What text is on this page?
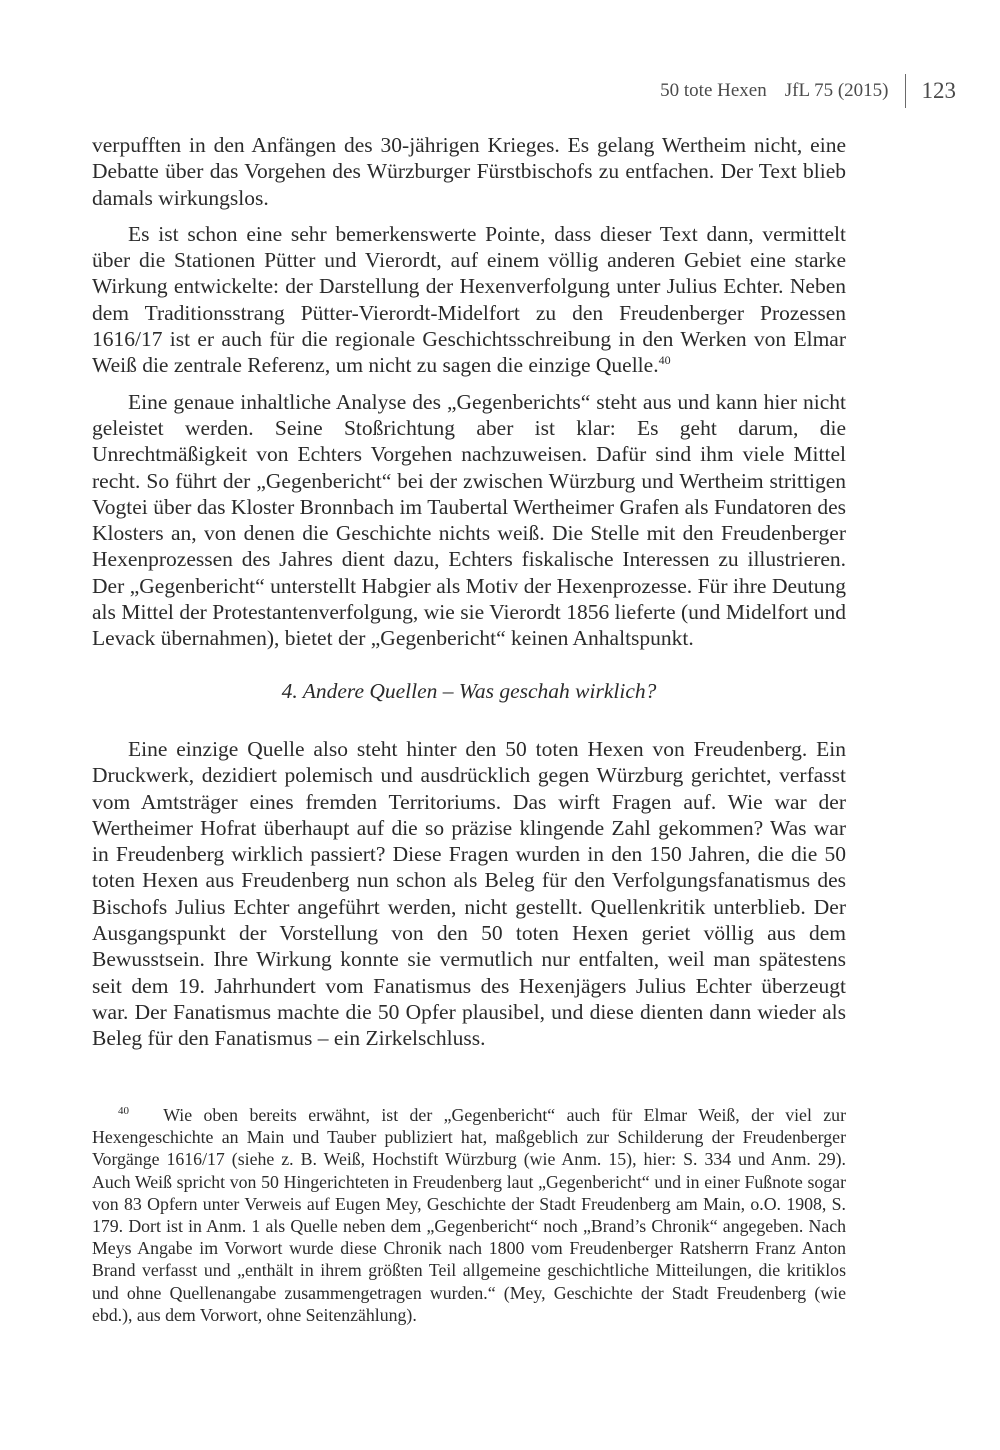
50 tote Hexen JfL 75 (2015) 123

verpufften in den Anfängen des 30-jährigen Krieges. Es gelang Wertheim nicht, eine Debatte über das Vorgehen des Würzburger Fürstbischofs zu entfachen. Der Text blieb damals wirkungslos.

Es ist schon eine sehr bemerkenswerte Pointe, dass dieser Text dann, vermittelt über die Stationen Pütter und Vierordt, auf einem völlig anderen Gebiet eine starke Wirkung entwickelte: der Darstellung der Hexenverfolgung unter Julius Echter. Neben dem Traditionsstrang Pütter-Vierordt-Midelfort zu den Freudenberger Prozessen 1616/17 ist er auch für die regionale Geschichtsschreibung in den Werken von Elmar Weiß die zentrale Referenz, um nicht zu sagen die einzige Quelle.$^{40}$

Eine genaue inhaltliche Analyse des „Gegenberichts“ steht aus und kann hier nicht geleistet werden. Seine Stoßrichtung aber ist klar: Es geht darum, die Unrechtmäßigkeit von Echters Vorgehen nachzuweisen. Dafür sind ihm viele Mittel recht. So führt der „Gegenbericht“ bei der zwischen Würzburg und Wertheim strittigen Vogtei über das Kloster Bronnbach im Taubertal Wertheimer Grafen als Fundatoren des Klosters an, von denen die Geschichte nichts weiß. Die Stelle mit den Freudenberger Hexenprozessen des Jahres dient dazu, Echters fiskalische Interessen zu illustrieren. Der „Gegenbericht“ unterstellt Habgier als Motiv der Hexenprozesse. Für ihre Deutung als Mittel der Protestantenverfolgung, wie sie Vierordt 1856 lieferte (und Midelfort und Levack übernahmen), bietet der „Gegenbericht“ keinen Anhaltspunkt.

4. Andere Quellen – Was geschah wirklich?

Eine einzige Quelle also steht hinter den 50 toten Hexen von Freudenberg. Ein Druckwerk, dezidiert polemisch und ausdrücklich gegen Würzburg gerichtet, verfasst vom Amtsträger eines fremden Territoriums. Das wirft Fragen auf. Wie war der Wertheimer Hofrat überhaupt auf die so präzise klingende Zahl gekommen? Was war in Freudenberg wirklich passiert? Diese Fragen wurden in den 150 Jahren, die die 50 toten Hexen aus Freudenberg nun schon als Beleg für den Verfolgungsfanatismus des Bischofs Julius Echter angeführt werden, nicht gestellt. Quellenkritik unterblieb. Der Ausgangspunkt der Vorstellung von den 50 toten Hexen geriet völlig aus dem Bewusstsein. Ihre Wirkung konnte sie vermutlich nur entfalten, weil man spätestens seit dem 19. Jahrhundert vom Fanatismus des Hexenjägers Julius Echter überzeugt war. Der Fanatismus machte die 50 Opfer plausibel, und diese dienten dann wieder als Beleg für den Fanatismus – ein Zirkelschluss.

$^{40}$ Wie oben bereits erwähnt, ist der „Gegenbericht“ auch für Elmar Weiß, der viel zur Hexengeschichte an Main und Tauber publiziert hat, maßgeblich zur Schilderung der Freudenberger Vorgänge 1616/17 (siehe z. B. Weiß, Hochstift Würzburg (wie Anm. 15), hier: S. 334 und Anm. 29). Auch Weiß spricht von 50 Hingerichteten in Freudenberg laut „Gegenbericht“ und in einer Fußnote sogar von 83 Opfern unter Verweis auf Eugen Mey, Geschichte der Stadt Freudenberg am Main, o.O. 1908, S. 179. Dort ist in Anm. 1 als Quelle neben dem „Gegenbericht“ noch „Brand’s Chronik“ angegeben. Nach Meys Angabe im Vorwort wurde diese Chronik nach 1800 vom Freudenberger Ratsherrn Franz Anton Brand verfasst und „enthält in ihrem größten Teil allgemeine geschichtliche Mitteilungen, die kritiklos und ohne Quellenangabe zusammengetragen wurden.“ (Mey, Geschichte der Stadt Freudenberg (wie ebd.), aus dem Vorwort, ohne Seitenzählung).
